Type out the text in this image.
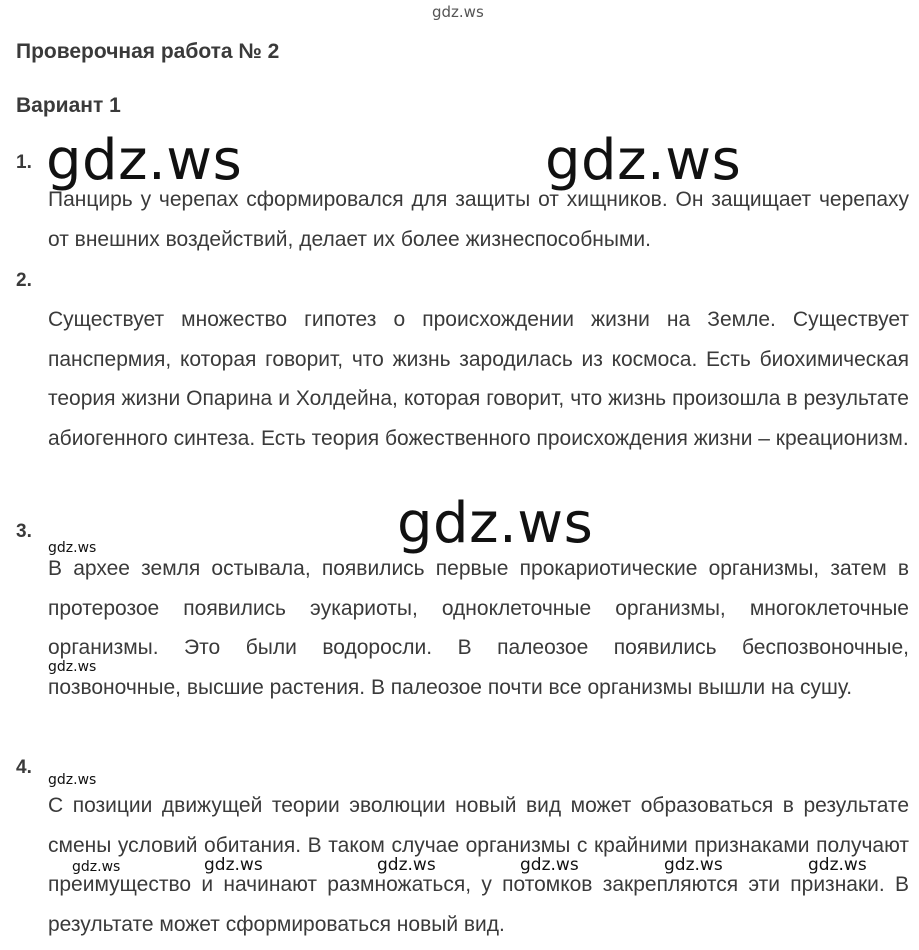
gdz.ws
Проверочная работа № 2
Вариант 1
1.
2.
3.
4.
Панцирь у черепах сформировался для защиты от хищников. Он защищает черепаху от внешних воздействий, делает их более жизнеспособными.
Существует множество гипотез о происхождении жизни на Земле. Существует панспермия, которая говорит, что жизнь зародилась из космоса. Есть биохимическая теория жизни Опарина и Холдейна, которая говорит, что жизнь произошла в результате абиогенного синтеза. Есть теория божественного происхождения жизни – креационизм.
В архее земля остывала, появились первые прокариотические организмы, затем в протерозое появились эукариоты, одноклеточные организмы, многоклеточные организмы. Это были водоросли. В палеозое появились беспозвоночные, позвоночные, высшие растения. В палеозое почти все организмы вышли на сушу.
С позиции движущей теории эволюции новый вид может образоваться в результате смены условий обитания. В таком случае организмы с крайними признаками получают преимущество и начинают размножаться, у потомков закрепляются эти признаки. В результате может сформироваться новый вид.
gdz.ws	gdz.ws
gdz.ws
gdz.ws
gdz.ws
gdz.ws
gdz.ws	gdz.ws	gdz.ws	gdz.ws	gdz.ws	gdz.ws
